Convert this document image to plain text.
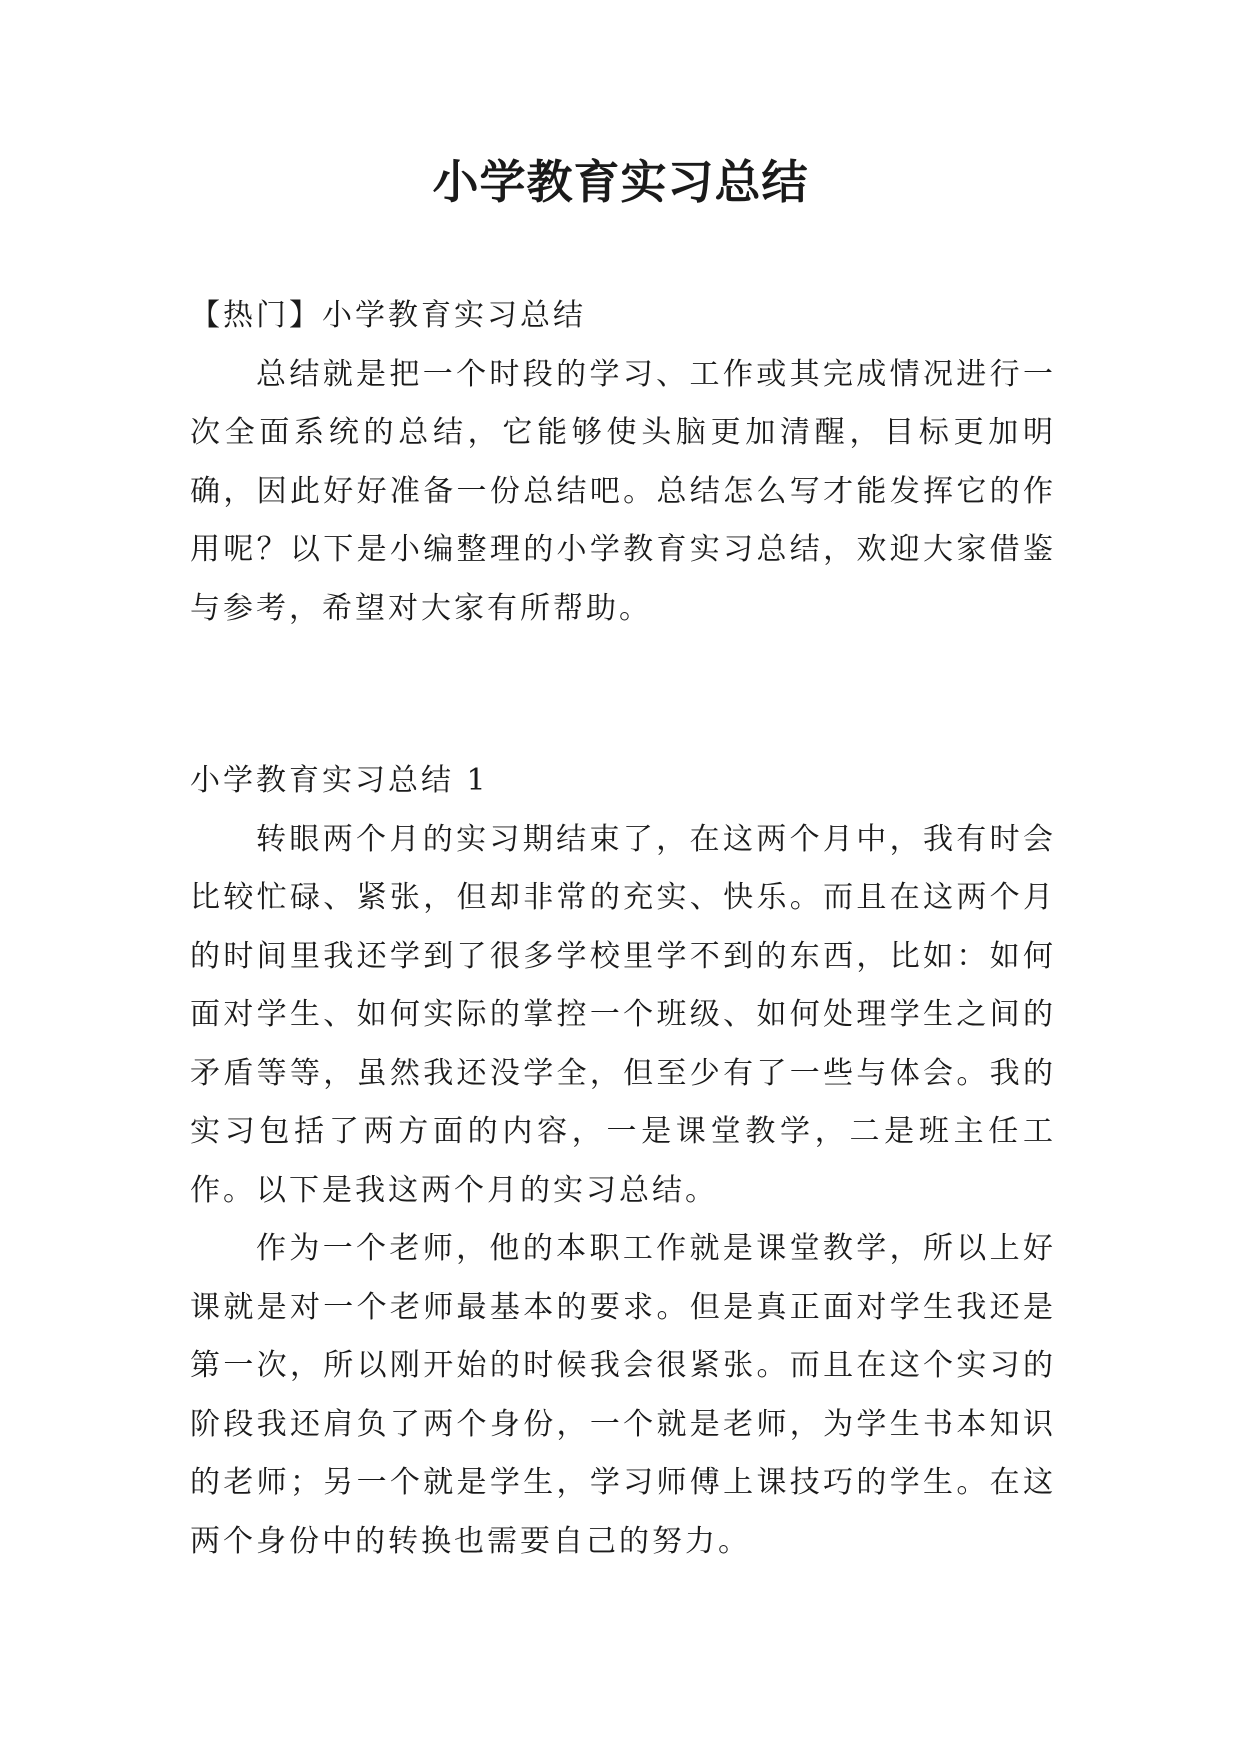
小学教育实习总结

【热门】小学教育实习总结

总结就是把一个时段的学习、工作或其完成情况进行一次全面系统的总结，它能够使头脑更加清醒，目标更加明确，因此好好准备一份总结吧。总结怎么写才能发挥它的作用呢？以下是小编整理的小学教育实习总结，欢迎大家借鉴与参考，希望对大家有所帮助。

小学教育实习总结 1

转眼两个月的实习期结束了，在这两个月中，我有时会比较忙碌、紧张，但却非常的充实、快乐。而且在这两个月的时间里我还学到了很多学校里学不到的东西，比如：如何面对学生、如何实际的掌控一个班级、如何处理学生之间的矛盾等等，虽然我还没学全，但至少有了一些与体会。我的实习包括了两方面的内容，一是课堂教学，二是班主任工作。以下是我这两个月的实习总结。

作为一个老师，他的本职工作就是课堂教学，所以上好课就是对一个老师最基本的要求。但是真正面对学生我还是第一次，所以刚开始的时候我会很紧张。而且在这个实习的阶段我还肩负了两个身份，一个就是老师，为学生书本知识的老师；另一个就是学生，学习师傅上课技巧的学生。在这两个身份中的转换也需要自己的努力。
